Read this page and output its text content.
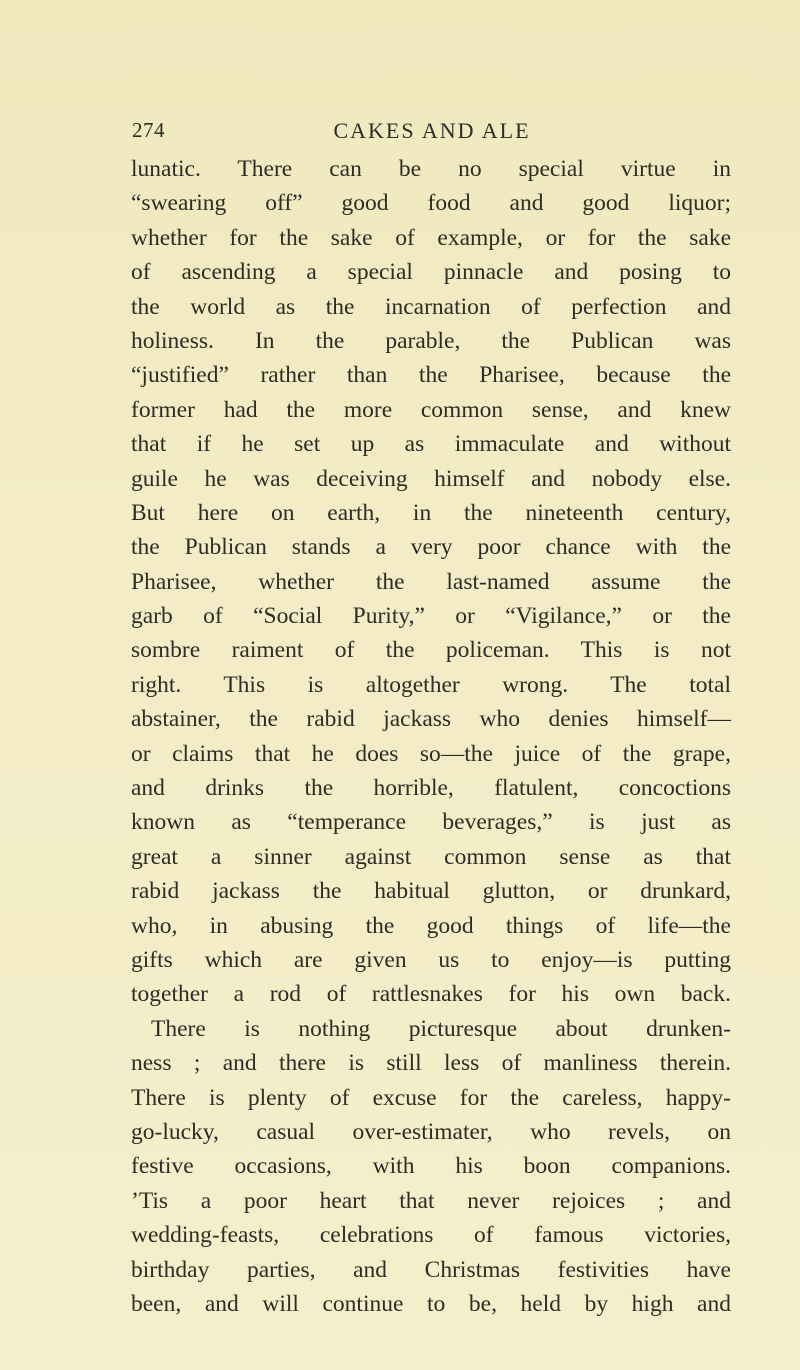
274	CAKES AND ALE
lunatic. There can be no special virtue in
“swearing off” good food and good liquor;
whether for the sake of example, or for the sake
of ascending a special pinnacle and posing to
the world as the incarnation of perfection and
holiness. In the parable, the Publican was
“justified” rather than the Pharisee, because the
former had the more common sense, and knew
that if he set up as immaculate and without
guile he was deceiving himself and nobody else.
But here on earth, in the nineteenth century,
the Publican stands a very poor chance with the
Pharisee, whether the last-named assume the
garb of “Social Purity,” or “Vigilance,” or the
sombre raiment of the policeman. This is not
right. This is altogether wrong. The total
abstainer, the rabid jackass who denies himself—
or claims that he does so—the juice of the grape,
and drinks the horrible, flatulent, concoctions
known as “temperance beverages,” is just as
great a sinner against common sense as that
rabid jackass the habitual glutton, or drunkard,
who, in abusing the good things of life—the
gifts which are given us to enjoy—is putting
together a rod of rattlesnakes for his own back.
There is nothing picturesque about drunken-
ness ; and there is still less of manliness therein.
There is plenty of excuse for the careless, happy-
go-lucky, casual over-estimater, who revels, on
festive occasions, with his boon companions.
’Tis a poor heart that never rejoices ; and
wedding-feasts, celebrations of famous victories,
birthday parties, and Christmas festivities have
been, and will continue to be, held by high and
